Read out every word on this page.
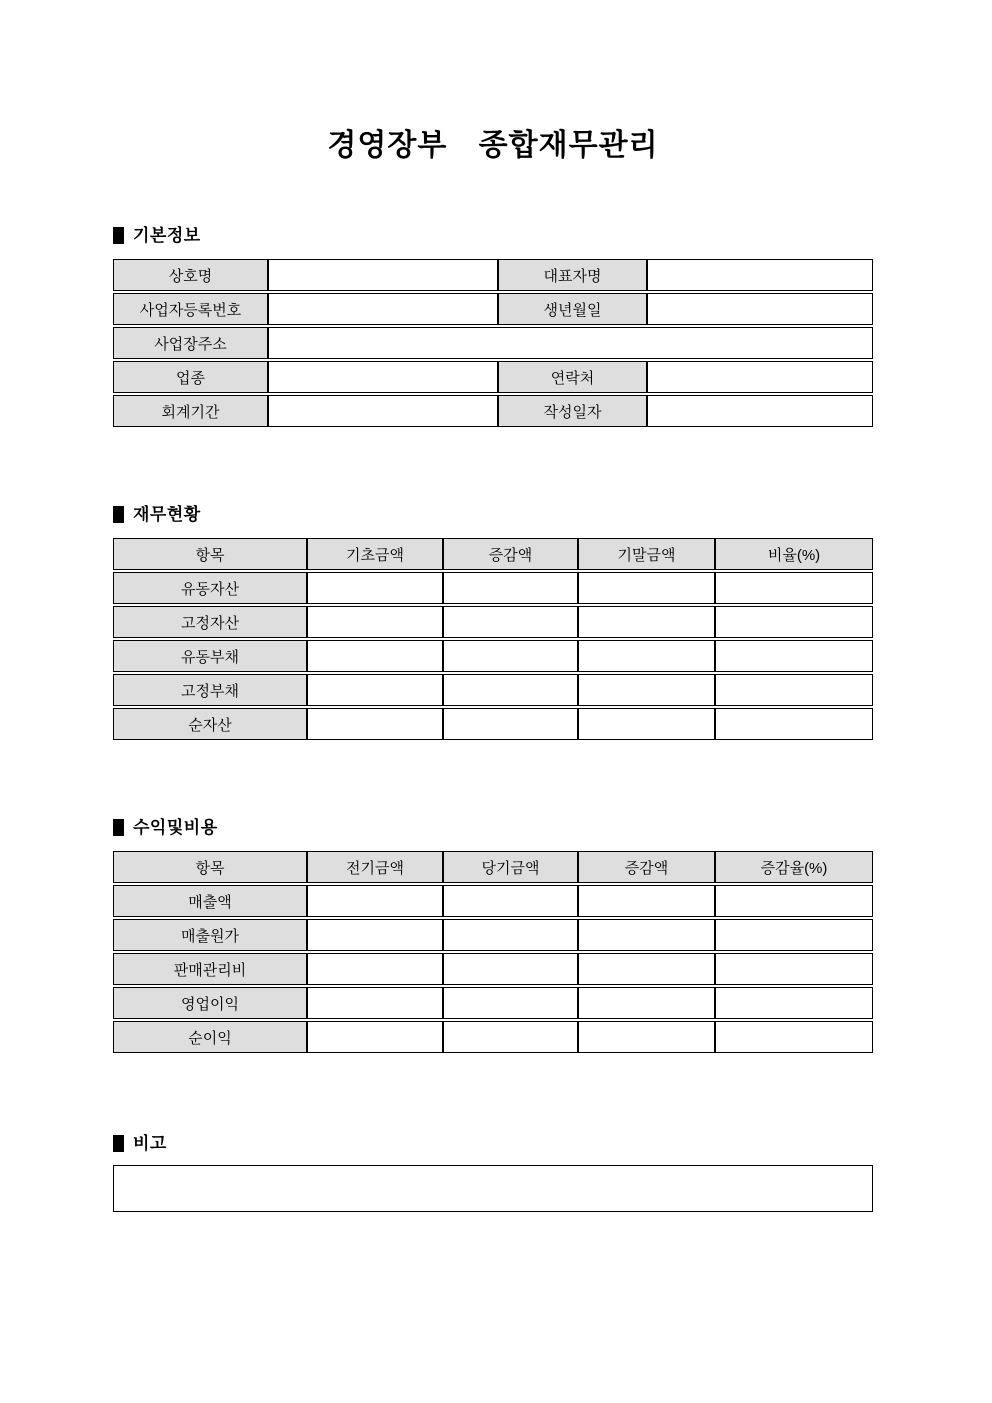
경영장부 종합재무관리
기본정보
상호명		대표자명	
사업자등록번호		생년월일	
사업장주소			
업종		연락처	
회계기간		작성일자	
재무현황
항목	기초금액	증감액	기말금액	비율(%)
유동자산				
고정자산				
유동부채				
고정부채				
순자산				
수익및비용
항목	전기금액	당기금액	증감액	증감율(%)
매출액				
매출원가				
판매관리비				
영업이익				
순이익				
비고
